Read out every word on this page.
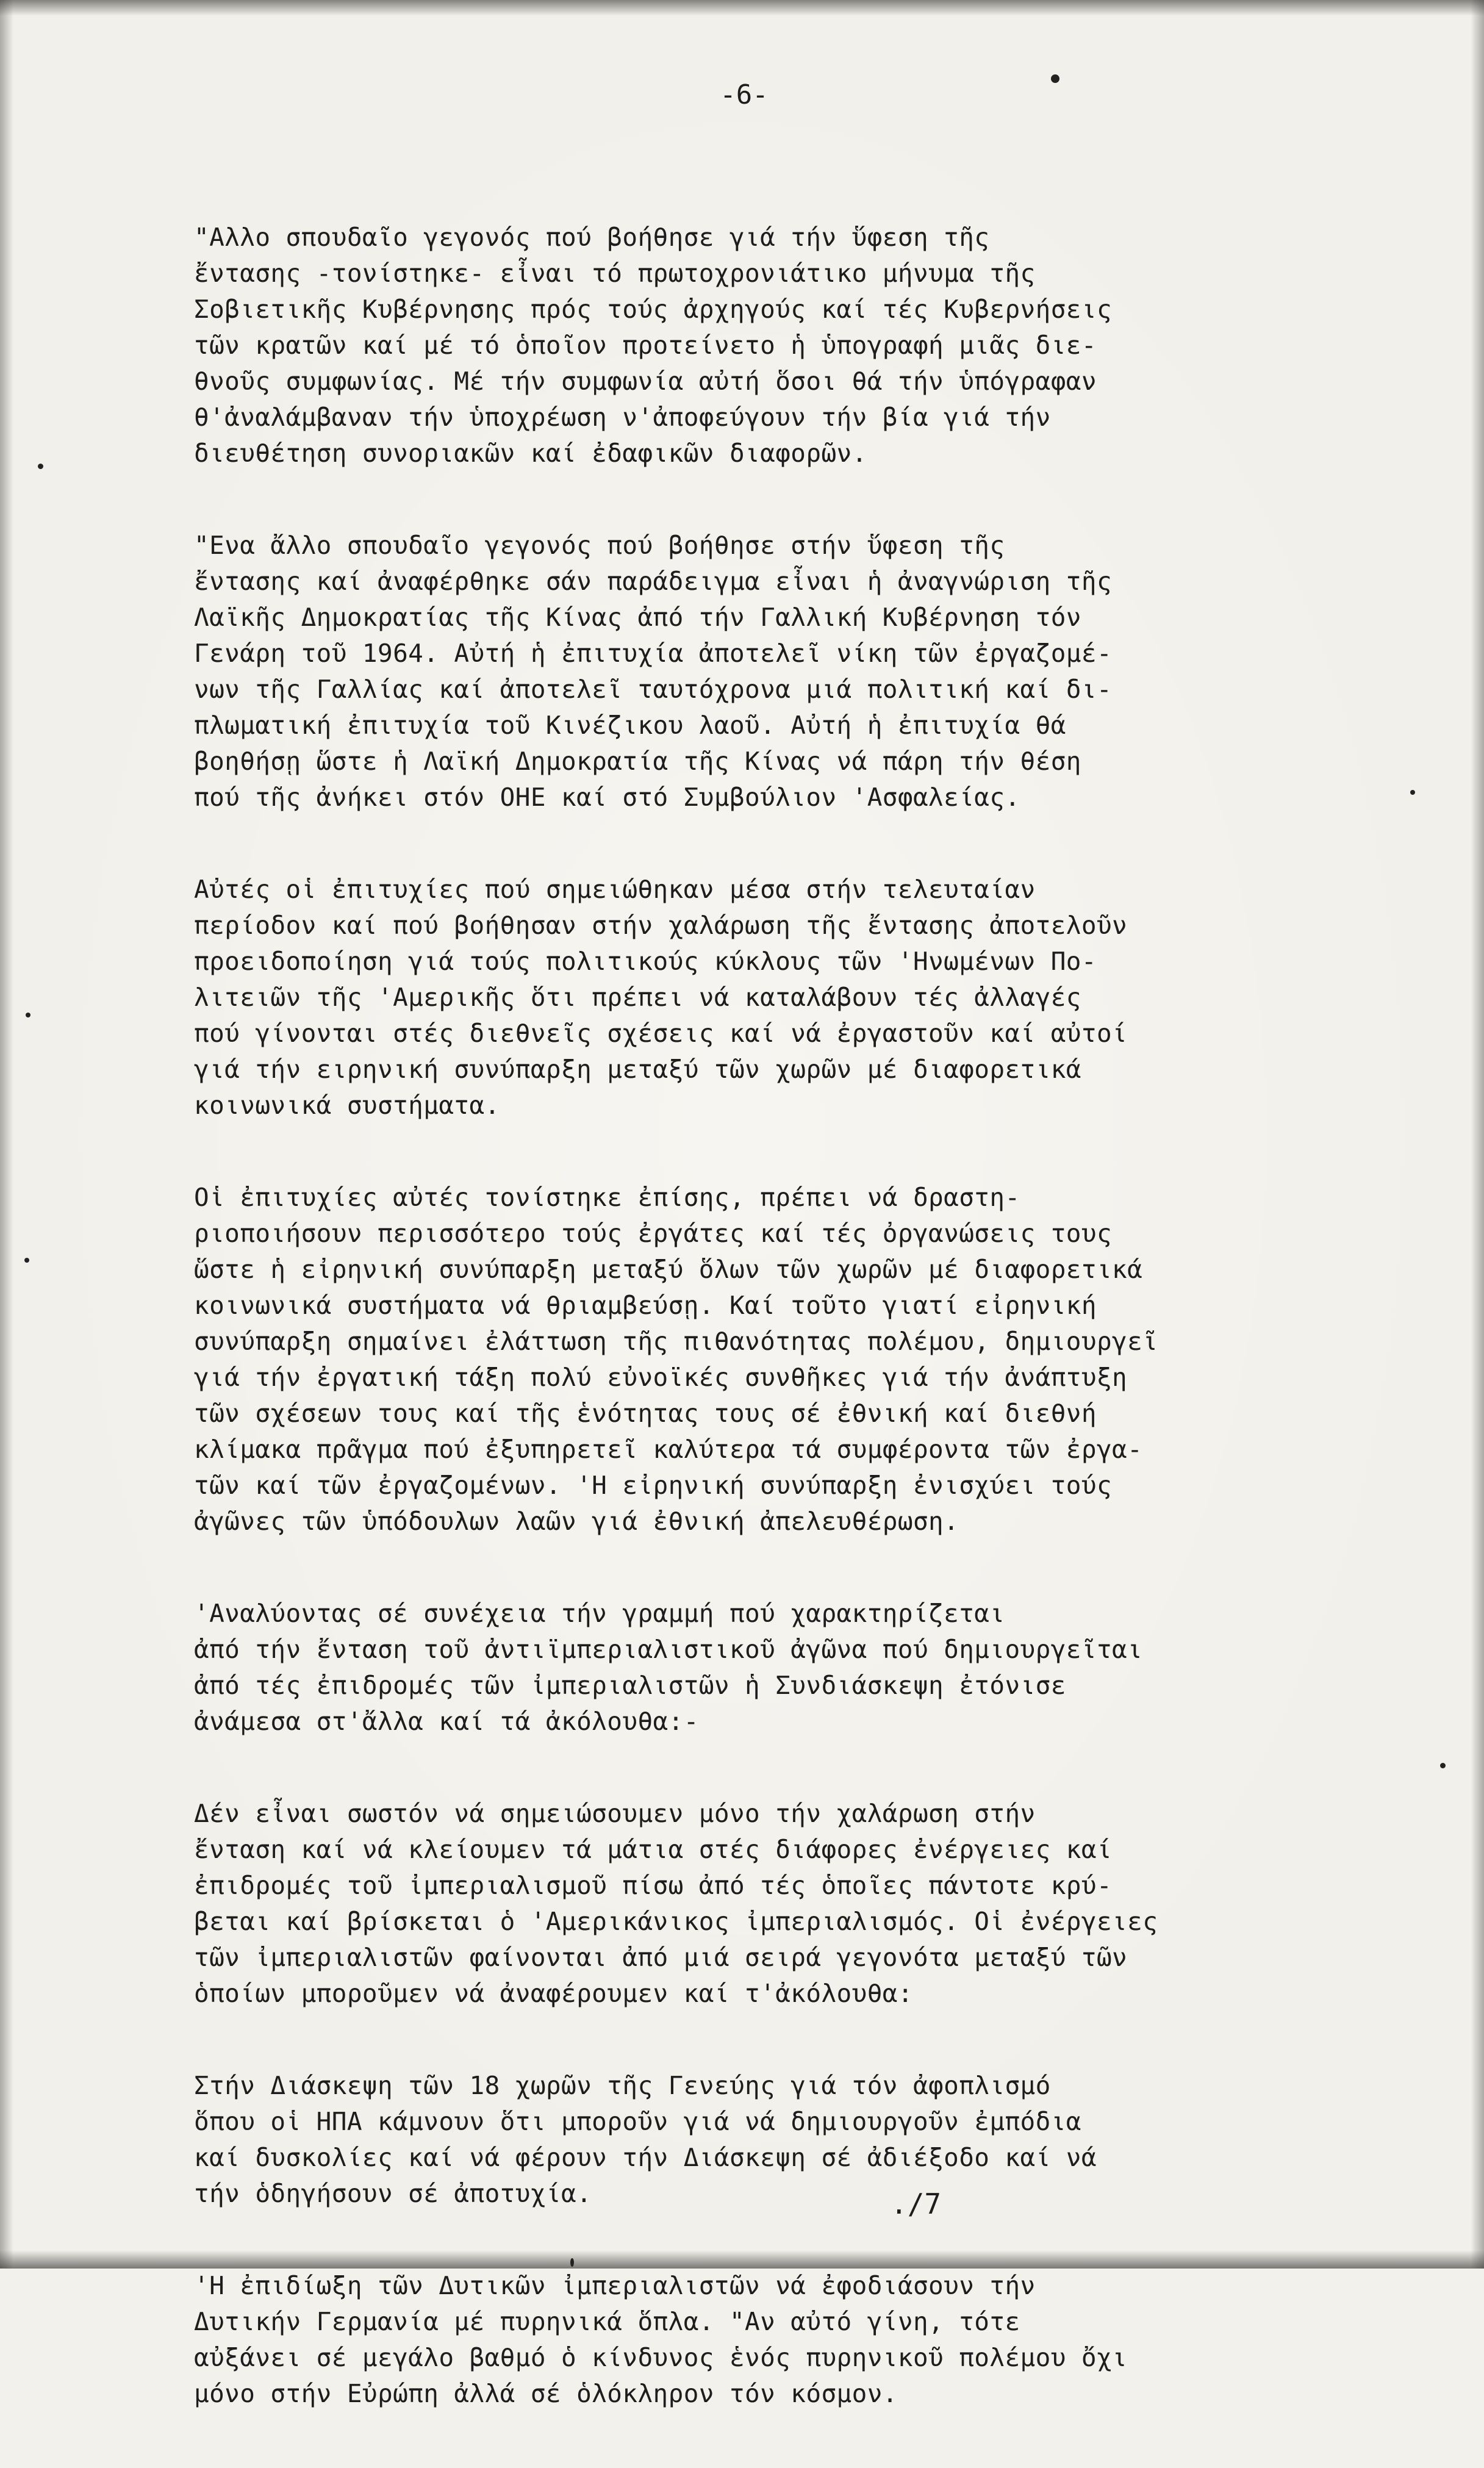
-6-

"Αλλο σπουδαῖο γεγονός πού βοήθησε γιά τήν ὕφεση τῆς
ἔντασης -τονίστηκε- εἶναι τό πρωτοχρονιάτικο μήνυμα τῆς
Σοβιετικῆς Κυβέρνησης πρός τούς ἀρχηγούς καί τές Κυβερνήσεις
τῶν κρατῶν καί μέ τό ὁποῖον προτείνετο ἡ ὑπογραφή μιᾶς διε-
θνοῦς συμφωνίας. Μέ τήν συμφωνία αὐτή ὅσοι θά τήν ὑπόγραφαν
θ'ἀναλάμβαναν τήν ὑποχρέωση ν'ἀποφεύγουν τήν βία γιά τήν
διευθέτηση συνοριακῶν καί ἐδαφικῶν διαφορῶν.

"Ενα ἄλλο σπουδαῖο γεγονός πού βοήθησε στήν ὕφεση τῆς
ἔντασης καί ἀναφέρθηκε σάν παράδειγμα εἶναι ἡ ἀναγνώριση τῆς
Λαϊκῆς Δημοκρατίας τῆς Κίνας ἀπό τήν Γαλλική Κυβέρνηση τόν
Γενάρη τοῦ 1964. Αὐτή ἡ ἐπιτυχία ἀποτελεῖ νίκη τῶν ἐργαζομέ-
νων τῆς Γαλλίας καί ἀποτελεῖ ταυτόχρονα μιά πολιτική καί δι-
πλωματική ἐπιτυχία τοῦ Κινέζικου λαοῦ. Αὐτή ἡ ἐπιτυχία θά
βοηθήσῃ ὥστε ἡ Λαϊκή Δημοκρατία τῆς Κίνας νά πάρη τήν θέση
πού τῆς ἀνήκει στόν ΟΗΕ καί στό Συμβούλιον 'Ασφαλείας.

Αὐτές οἱ ἐπιτυχίες πού σημειώθηκαν μέσα στήν τελευταίαν
περίοδον καί πού βοήθησαν στήν χαλάρωση τῆς ἔντασης ἀποτελοῦν
προειδοποίηση γιά τούς πολιτικούς κύκλους τῶν 'Ηνωμένων Πο-
λιτειῶν τῆς 'Αμερικῆς ὅτι πρέπει νά καταλάβουν τές ἀλλαγές
πού γίνονται στές διεθνεῖς σχέσεις καί νά ἐργαστοῦν καί αὐτοί
γιά τήν ειρηνική συνύπαρξη μεταξύ τῶν χωρῶν μέ διαφορετικά
κοινωνικά συστήματα.

Οἱ ἐπιτυχίες αὐτές τονίστηκε ἐπίσης, πρέπει νά δραστη-
ριοποιήσουν περισσότερο τούς ἐργάτες καί τές ὀργανώσεις τους
ὥστε ἡ εἰρηνική συνύπαρξη μεταξύ ὅλων τῶν χωρῶν μέ διαφορετικά
κοινωνικά συστήματα νά θριαμβεύσῃ. Καί τοῦτο γιατί εἰρηνική
συνύπαρξη σημαίνει ἐλάττωση τῆς πιθανότητας πολέμου, δημιουργεῖ
γιά τήν ἐργατική τάξη πολύ εὐνοϊκές συνθῆκες γιά τήν ἀνάπτυξη
τῶν σχέσεων τους καί τῆς ἑνότητας τους σέ ἐθνική καί διεθνή
κλίμακα πρᾶγμα πού ἐξυπηρετεῖ καλύτερα τά συμφέροντα τῶν ἐργα-
τῶν καί τῶν ἐργαζομένων. 'Η εἰρηνική συνύπαρξη ἐνισχύει τούς
ἀγῶνες τῶν ὑπόδουλων λαῶν γιά ἐθνική ἀπελευθέρωση.

'Αναλύοντας σέ συνέχεια τήν γραμμή πού χαρακτηρίζεται
ἀπό τήν ἔνταση τοῦ ἀντιϊμπεριαλιστικοῦ ἀγῶνα πού δημιουργεῖται
ἀπό τές ἐπιδρομές τῶν ἰμπεριαλιστῶν ἡ Συνδιάσκεψη ἐτόνισε
ἀνάμεσα στ'ἄλλα καί τά ἀκόλουθα:-

Δέν εἶναι σωστόν νά σημειώσουμεν μόνο τήν χαλάρωση στήν
ἔνταση καί νά κλείουμεν τά μάτια στές διάφορες ἐνέργειες καί
ἐπιδρομές τοῦ ἰμπεριαλισμοῦ πίσω ἀπό τές ὁποῖες πάντοτε κρύ-
βεται καί βρίσκεται ὁ 'Αμερικάνικος ἰμπεριαλισμός. Οἱ ἐνέργειες
τῶν ἰμπεριαλιστῶν φαίνονται ἀπό μιά σειρά γεγονότα μεταξύ τῶν
ὁποίων μποροῦμεν νά ἀναφέρουμεν καί τ'ἀκόλουθα:

Στήν Διάσκεψη τῶν 18 χωρῶν τῆς Γενεύης γιά τόν ἀφοπλισμό
ὅπου οἱ ΗΠΑ κάμνουν ὅτι μποροῦν γιά νά δημιουργοῦν ἐμπόδια
καί δυσκολίες καί νά φέρουν τήν Διάσκεψη σέ ἀδιέξοδο καί νά
τήν ὁδηγήσουν σέ ἀποτυχία.

'Η ἐπιδίωξη τῶν Δυτικῶν ἰμπεριαλιστῶν νά ἐφοδιάσουν τήν
Δυτικήν Γερμανία μέ πυρηνικά ὅπλα. "Αν αὐτό γίνη, τότε
αὐξάνει σέ μεγάλο βαθμό ὁ κίνδυνος ἑνός πυρηνικοῦ πολέμου ὄχι
μόνο στήν Εὐρώπη ἀλλά σέ ὁλόκληρον τόν κόσμον.

./7
